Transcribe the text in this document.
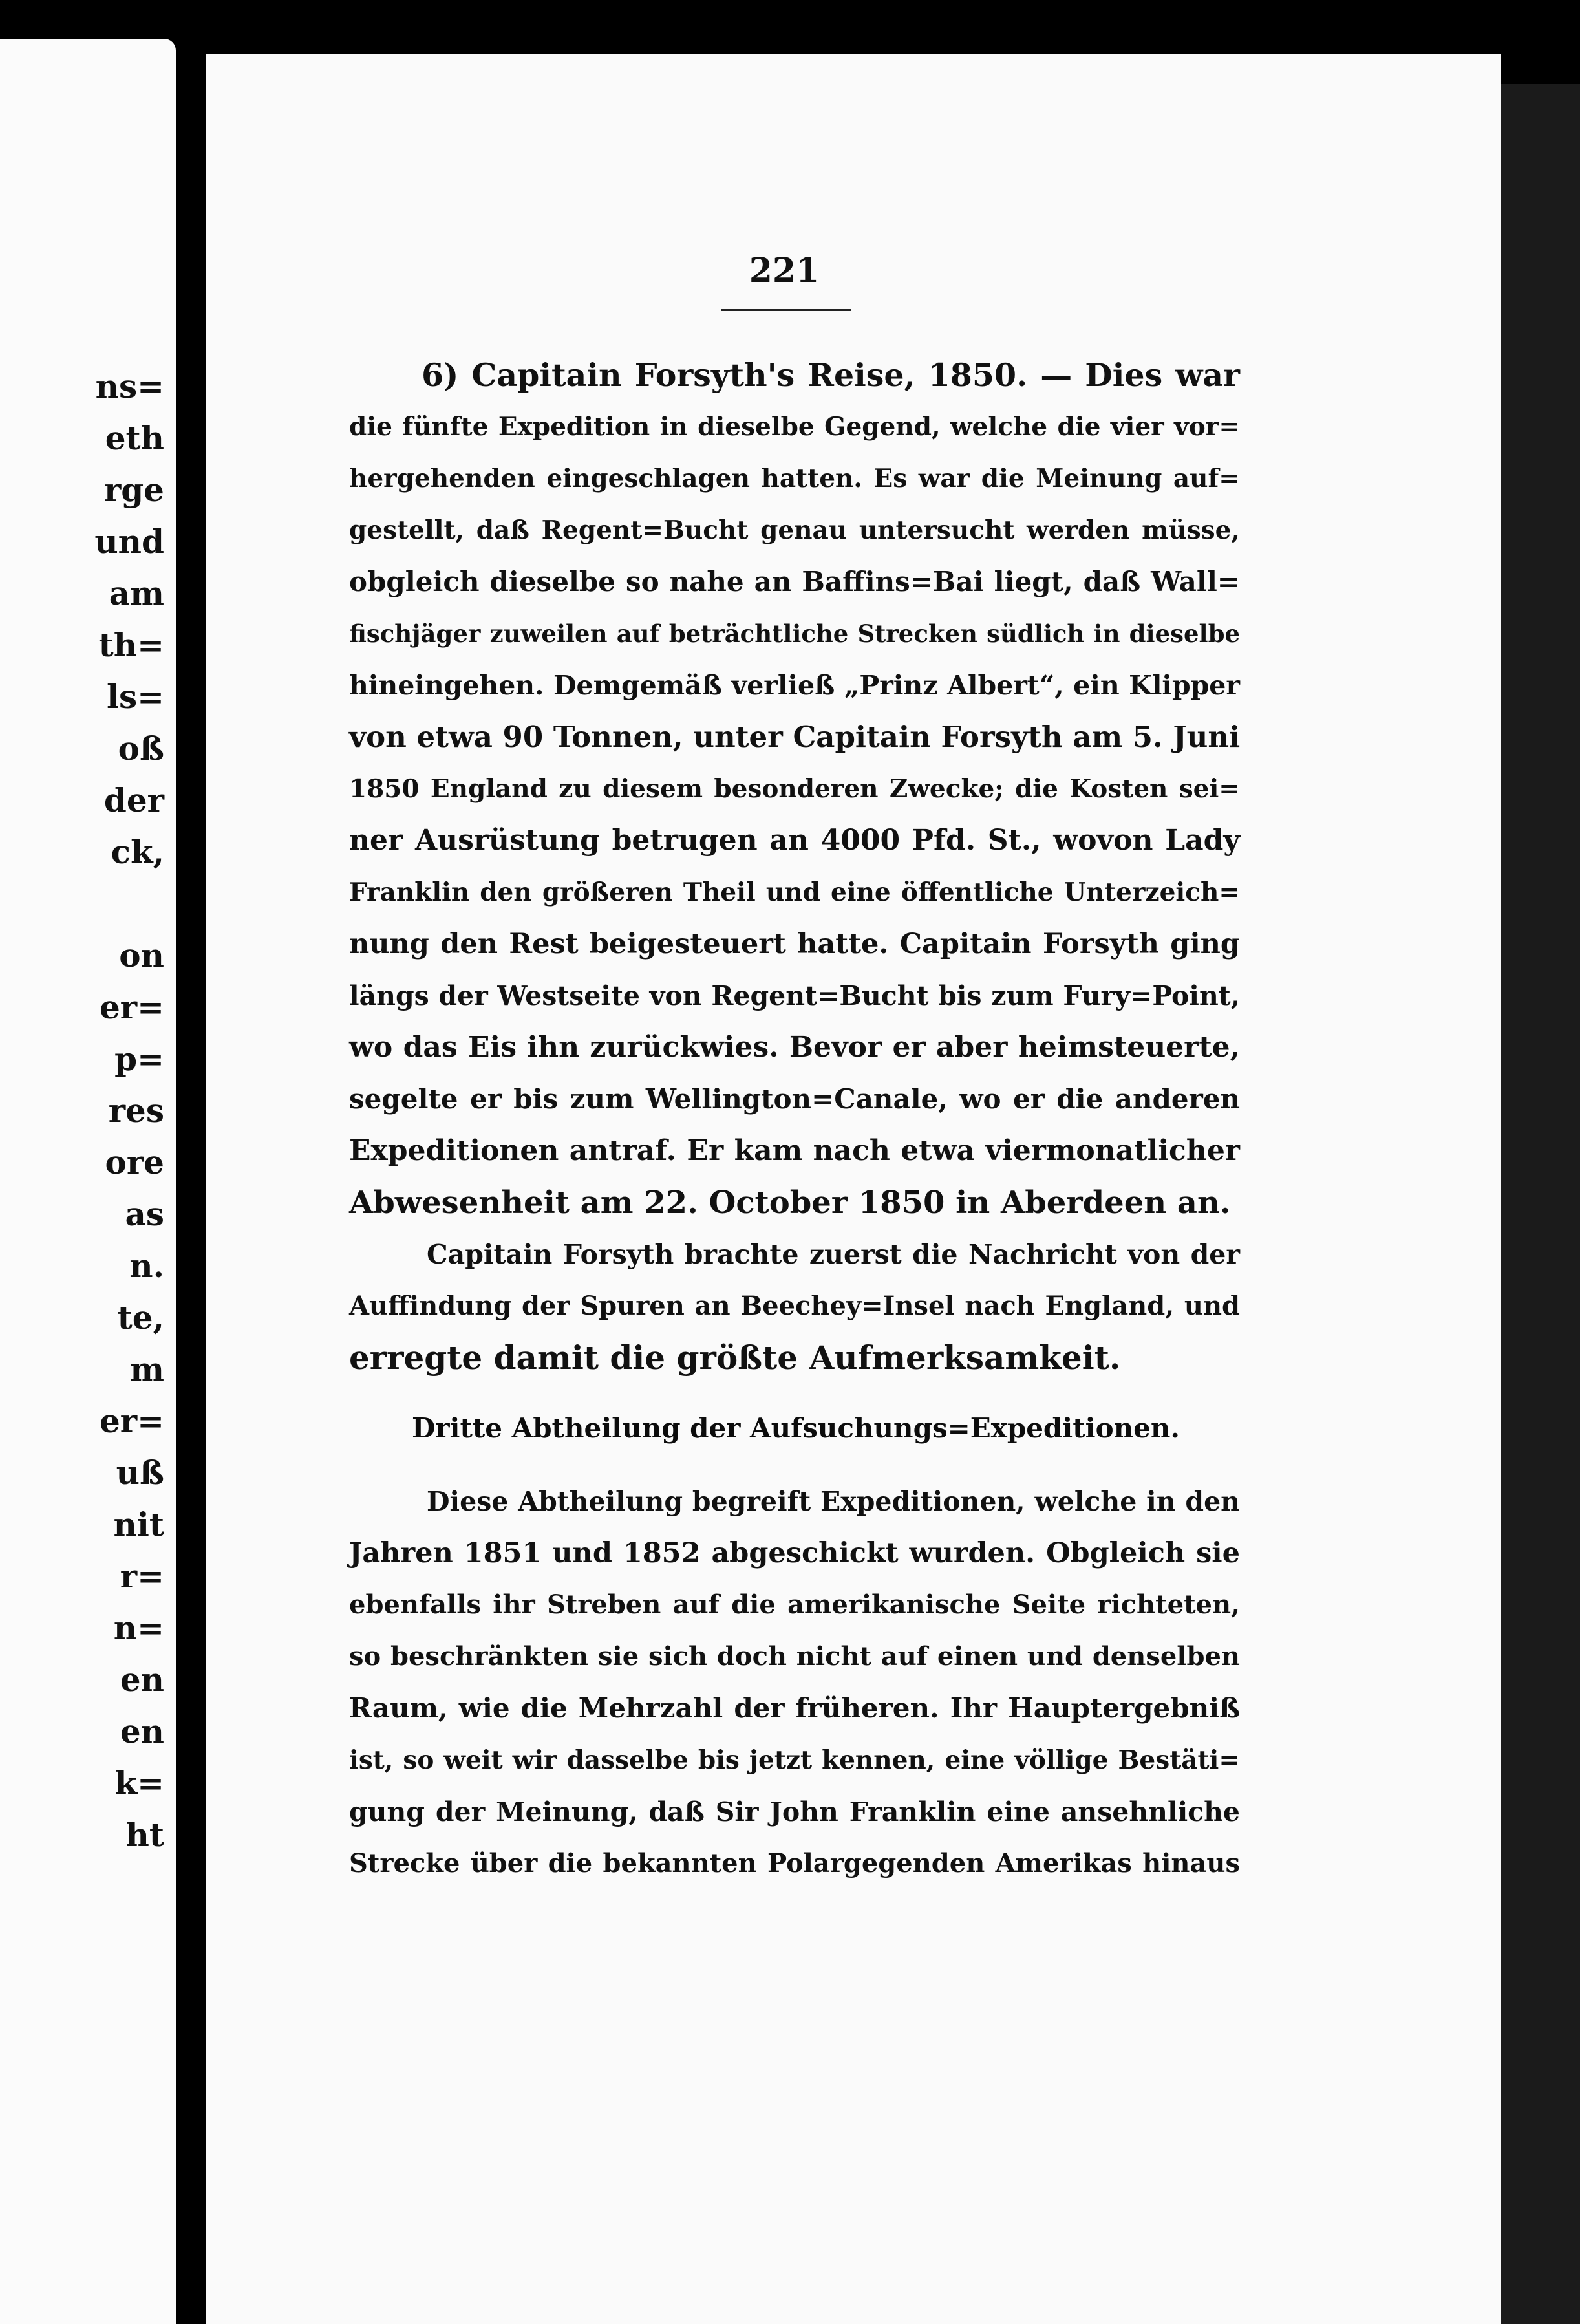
ns=
eth
rge
und
am
th=
ls=
oß
der
ck,
on
er=
p=
res
ore
as
n.
te,
m
er=
uß
nit
r=
n=
en
en
k=
ht
221
6) Capitain Forsyth's Reise, 1850. — Dies war
die fünfte Expedition in dieselbe Gegend, welche die vier vor=
hergehenden eingeschlagen hatten. Es war die Meinung auf=
gestellt, daß Regent=Bucht genau untersucht werden müsse,
obgleich dieselbe so nahe an Baffins=Bai liegt, daß Wall=
fischjäger zuweilen auf beträchtliche Strecken südlich in dieselbe
hineingehen. Demgemäß verließ „Prinz Albert“, ein Klipper
von etwa 90 Tonnen, unter Capitain Forsyth am 5. Juni
1850 England zu diesem besonderen Zwecke; die Kosten sei=
ner Ausrüstung betrugen an 4000 Pfd. St., wovon Lady
Franklin den größeren Theil und eine öffentliche Unterzeich=
nung den Rest beigesteuert hatte. Capitain Forsyth ging
längs der Westseite von Regent=Bucht bis zum Fury=Point,
wo das Eis ihn zurückwies. Bevor er aber heimsteuerte,
segelte er bis zum Wellington=Canale, wo er die anderen
Expeditionen antraf. Er kam nach etwa viermonatlicher
Abwesenheit am 22. October 1850 in Aberdeen an.
Capitain Forsyth brachte zuerst die Nachricht von der
Auffindung der Spuren an Beechey=Insel nach England, und
erregte damit die größte Aufmerksamkeit.
Dritte Abtheilung der Aufsuchungs=Expeditionen.
Diese Abtheilung begreift Expeditionen, welche in den
Jahren 1851 und 1852 abgeschickt wurden. Obgleich sie
ebenfalls ihr Streben auf die amerikanische Seite richteten,
so beschränkten sie sich doch nicht auf einen und denselben
Raum, wie die Mehrzahl der früheren. Ihr Hauptergebniß
ist, so weit wir dasselbe bis jetzt kennen, eine völlige Bestäti=
gung der Meinung, daß Sir John Franklin eine ansehnliche
Strecke über die bekannten Polargegenden Amerikas hinaus
